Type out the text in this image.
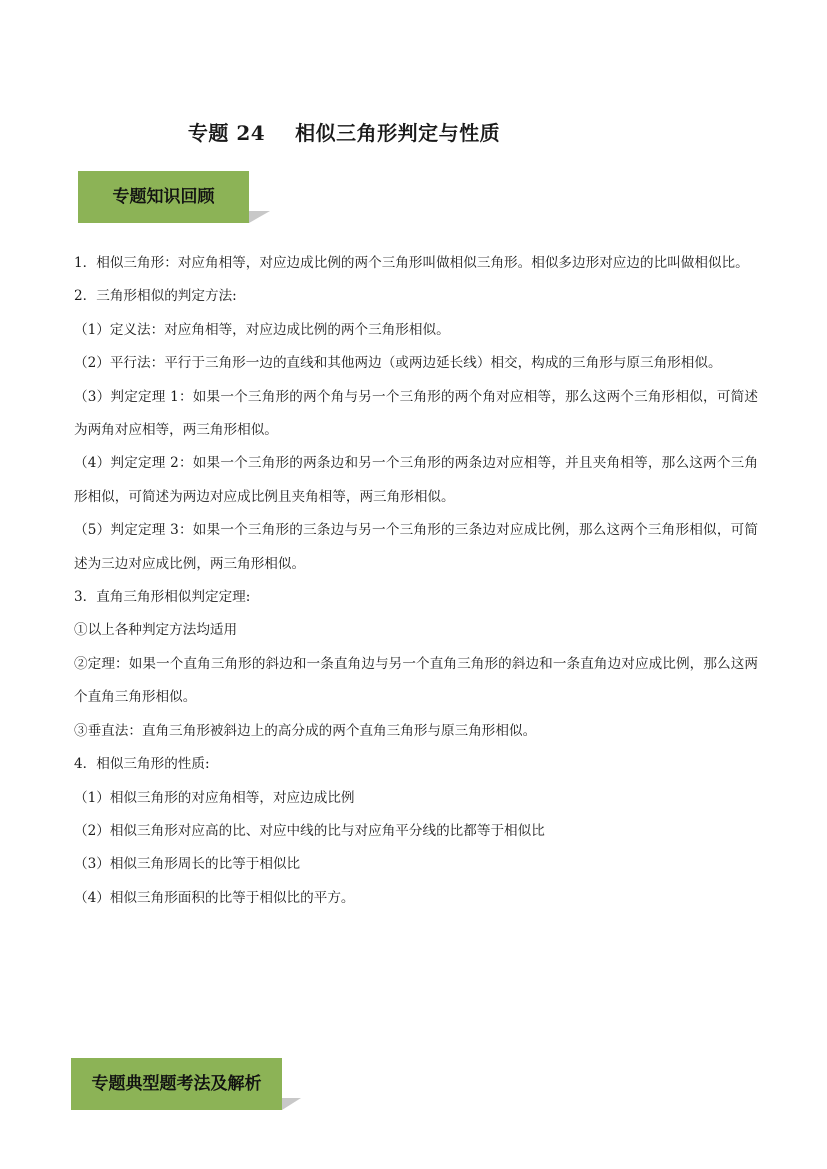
专题 24    相似三角形判定与性质
专题知识回顾

1．相似三角形：对应角相等，对应边成比例的两个三角形叫做相似三角形。相似多边形对应边的比叫做相似比。

2．三角形相似的判定方法:

（1）定义法：对应角相等，对应边成比例的两个三角形相似。

（2）平行法：平行于三角形一边的直线和其他两边（或两边延长线）相交，构成的三角形与原三角形相似。

（3）判定定理 1：如果一个三角形的两个角与另一个三角形的两个角对应相等，那么这两个三角形相似，可简述为两角对应相等，两三角形相似。

（4）判定定理 2：如果一个三角形的两条边和另一个三角形的两条边对应相等，并且夹角相等，那么这两个三角形相似，可简述为两边对应成比例且夹角相等，两三角形相似。

（5）判定定理 3：如果一个三角形的三条边与另一个三角形的三条边对应成比例，那么这两个三角形相似，可简述为三边对应成比例，两三角形相似。

3．直角三角形相似判定定理:

①以上各种判定方法均适用

②定理：如果一个直角三角形的斜边和一条直角边与另一个直角三角形的斜边和一条直角边对应成比例，那么这两个直角三角形相似。

③垂直法：直角三角形被斜边上的高分成的两个直角三角形与原三角形相似。

4．相似三角形的性质:

（1）相似三角形的对应角相等，对应边成比例

（2）相似三角形对应高的比、对应中线的比与对应角平分线的比都等于相似比

（3）相似三角形周长的比等于相似比

（4）相似三角形面积的比等于相似比的平方。

专题典型题考法及解析
